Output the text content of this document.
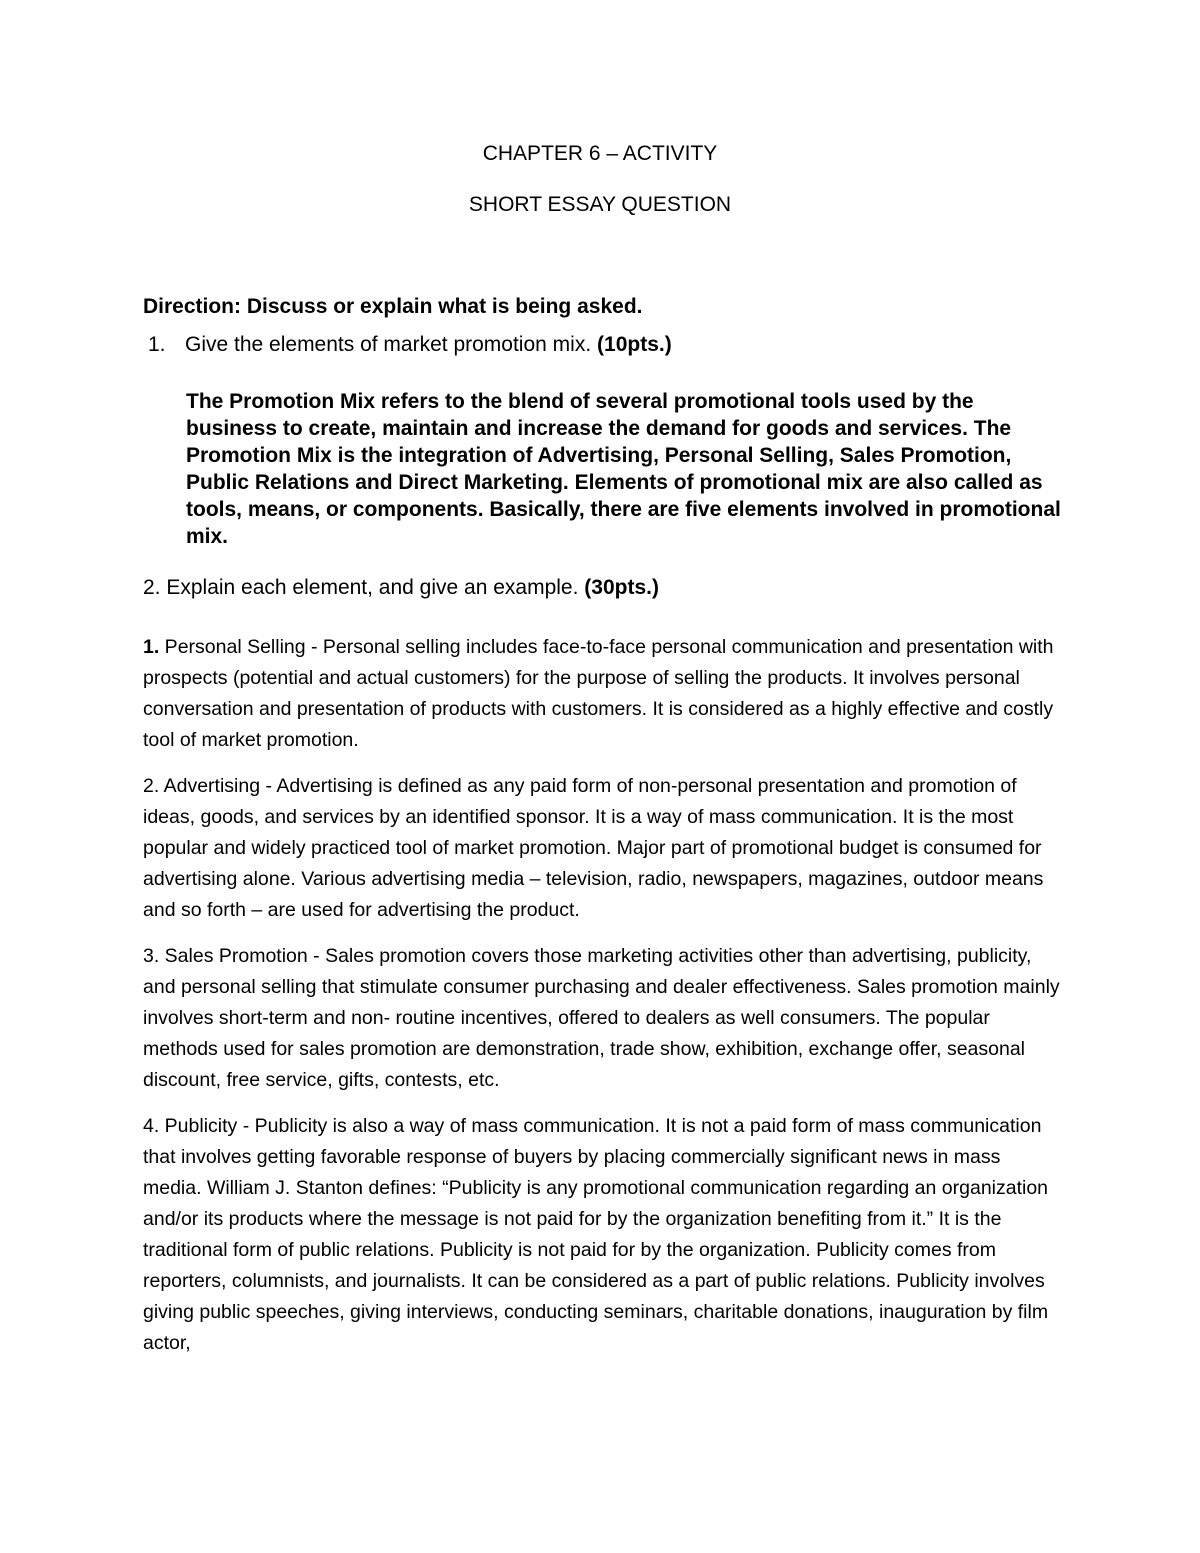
CHAPTER 6 – ACTIVITY

SHORT ESSAY QUESTION

Direction: Discuss or explain what is being asked.

1. Give the elements of market promotion mix. (10pts.)

The Promotion Mix refers to the blend of several promotional tools used by the business to create, maintain and increase the demand for goods and services. The Promotion Mix is the integration of Advertising, Personal Selling, Sales Promotion, Public Relations and Direct Marketing. Elements of promotional mix are also called as tools, means, or components. Basically, there are five elements involved in promotional mix.

2. Explain each element, and give an example. (30pts.)

1. Personal Selling - Personal selling includes face-to-face personal communication and presentation with prospects (potential and actual customers) for the purpose of selling the products. It involves personal conversation and presentation of products with customers. It is considered as a highly effective and costly tool of market promotion.

2. Advertising - Advertising is defined as any paid form of non-personal presentation and promotion of ideas, goods, and services by an identified sponsor. It is a way of mass communication. It is the most popular and widely practiced tool of market promotion. Major part of promotional budget is consumed for advertising alone. Various advertising media – television, radio, newspapers, magazines, outdoor means and so forth – are used for advertising the product.

3. Sales Promotion - Sales promotion covers those marketing activities other than advertising, publicity, and personal selling that stimulate consumer purchasing and dealer effectiveness. Sales promotion mainly involves short-term and non- routine incentives, offered to dealers as well consumers. The popular methods used for sales promotion are demonstration, trade show, exhibition, exchange offer, seasonal discount, free service, gifts, contests, etc.

4. Publicity - Publicity is also a way of mass communication. It is not a paid form of mass communication that involves getting favorable response of buyers by placing commercially significant news in mass media. William J. Stanton defines: “Publicity is any promotional communication regarding an organization and/or its products where the message is not paid for by the organization benefiting from it.” It is the traditional form of public relations. Publicity is not paid for by the organization. Publicity comes from reporters, columnists, and journalists. It can be considered as a part of public relations. Publicity involves giving public speeches, giving interviews, conducting seminars, charitable donations, inauguration by film actor,
